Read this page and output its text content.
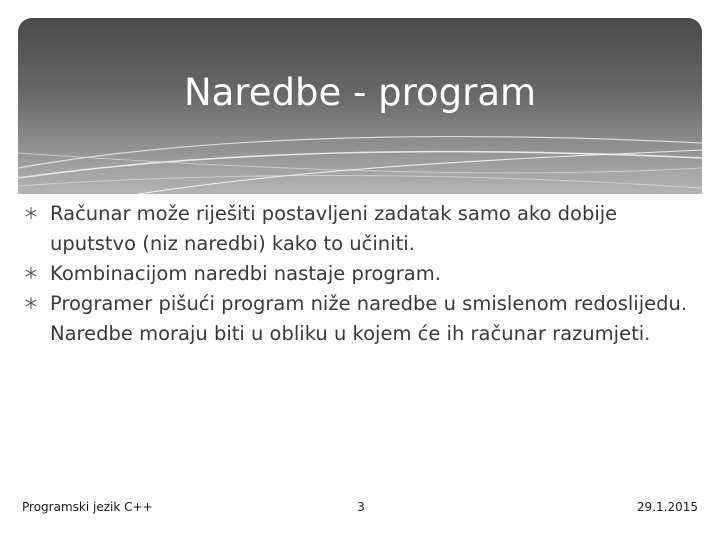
Naredbe - program
Računar može riješiti postavljeni zadatak samo ako dobije uputstvo (niz naredbi) kako to učiniti.
Kombinacijom naredbi nastaje program.
Programer pišući program niže naredbe u smislenom redoslijedu. Naredbe moraju biti u obliku u kojem će ih računar razumjeti.
Programski jezik C++	3	29.1.2015
